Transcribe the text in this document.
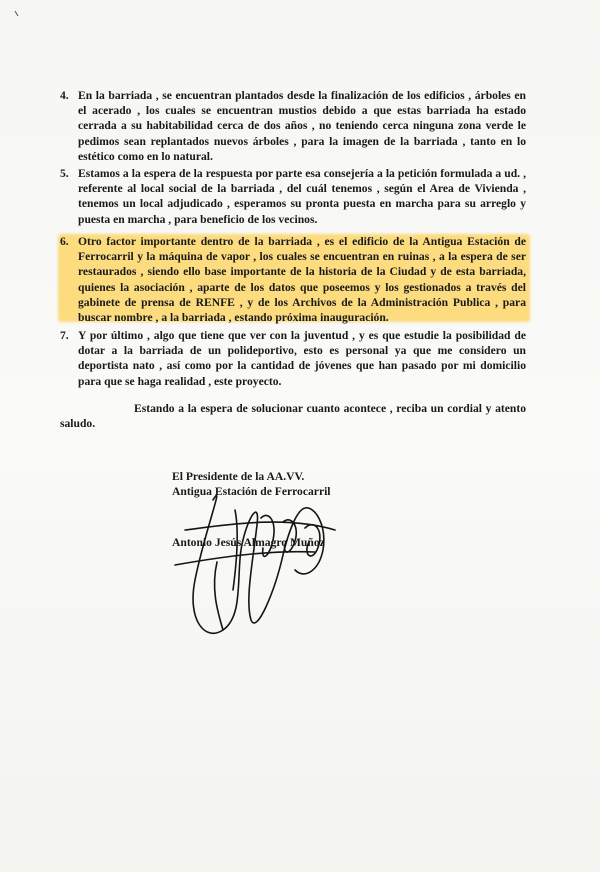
4. En la barriada , se encuentran plantados desde la finalización de los edificios , árboles en el acerado , los cuales se encuentran mustios debido a que estas barriada ha estado cerrada a su habitabilidad cerca de dos años , no teniendo cerca ninguna zona verde le pedimos sean replantados nuevos árboles , para la imagen de la barriada , tanto en lo estético como en lo natural.
5. Estamos a la espera de la respuesta por parte esa consejería a la petición formulada a ud. , referente al local social de la barriada , del cuál tenemos , según el Area de Vivienda , tenemos un local adjudicado , esperamos su pronta puesta en marcha para su arreglo y puesta en marcha , para beneficio de los vecinos.
6. Otro factor importante dentro de la barriada , es el edificio de la Antigua Estación de Ferrocarril y la máquina de vapor , los cuales se encuentran en ruinas , a la espera de ser restaurados , siendo ello base importante de la historia de la Ciudad y de esta barriada, quienes la asociación , aparte de los datos que poseemos y los gestionados a través del gabinete de prensa de RENFE , y de los Archivos de la Administración Publica , para buscar nombre , a la barriada , estando próxima inauguración.
7. Y por último , algo que tiene que ver con la juventud , y es que estudie la posibilidad de dotar a la barriada de un polideportivo, esto es personal ya que me considero un deportista nato , así como por la cantidad de jóvenes que han pasado por mi domicilio para que se haga realidad , este proyecto.
Estando a la espera de solucionar cuanto acontece , reciba un cordial y atento saludo.
El Presidente de la AA.VV.
Antigua Estación de Ferrocarril
Antonio Jesús Almagro Muñoz
